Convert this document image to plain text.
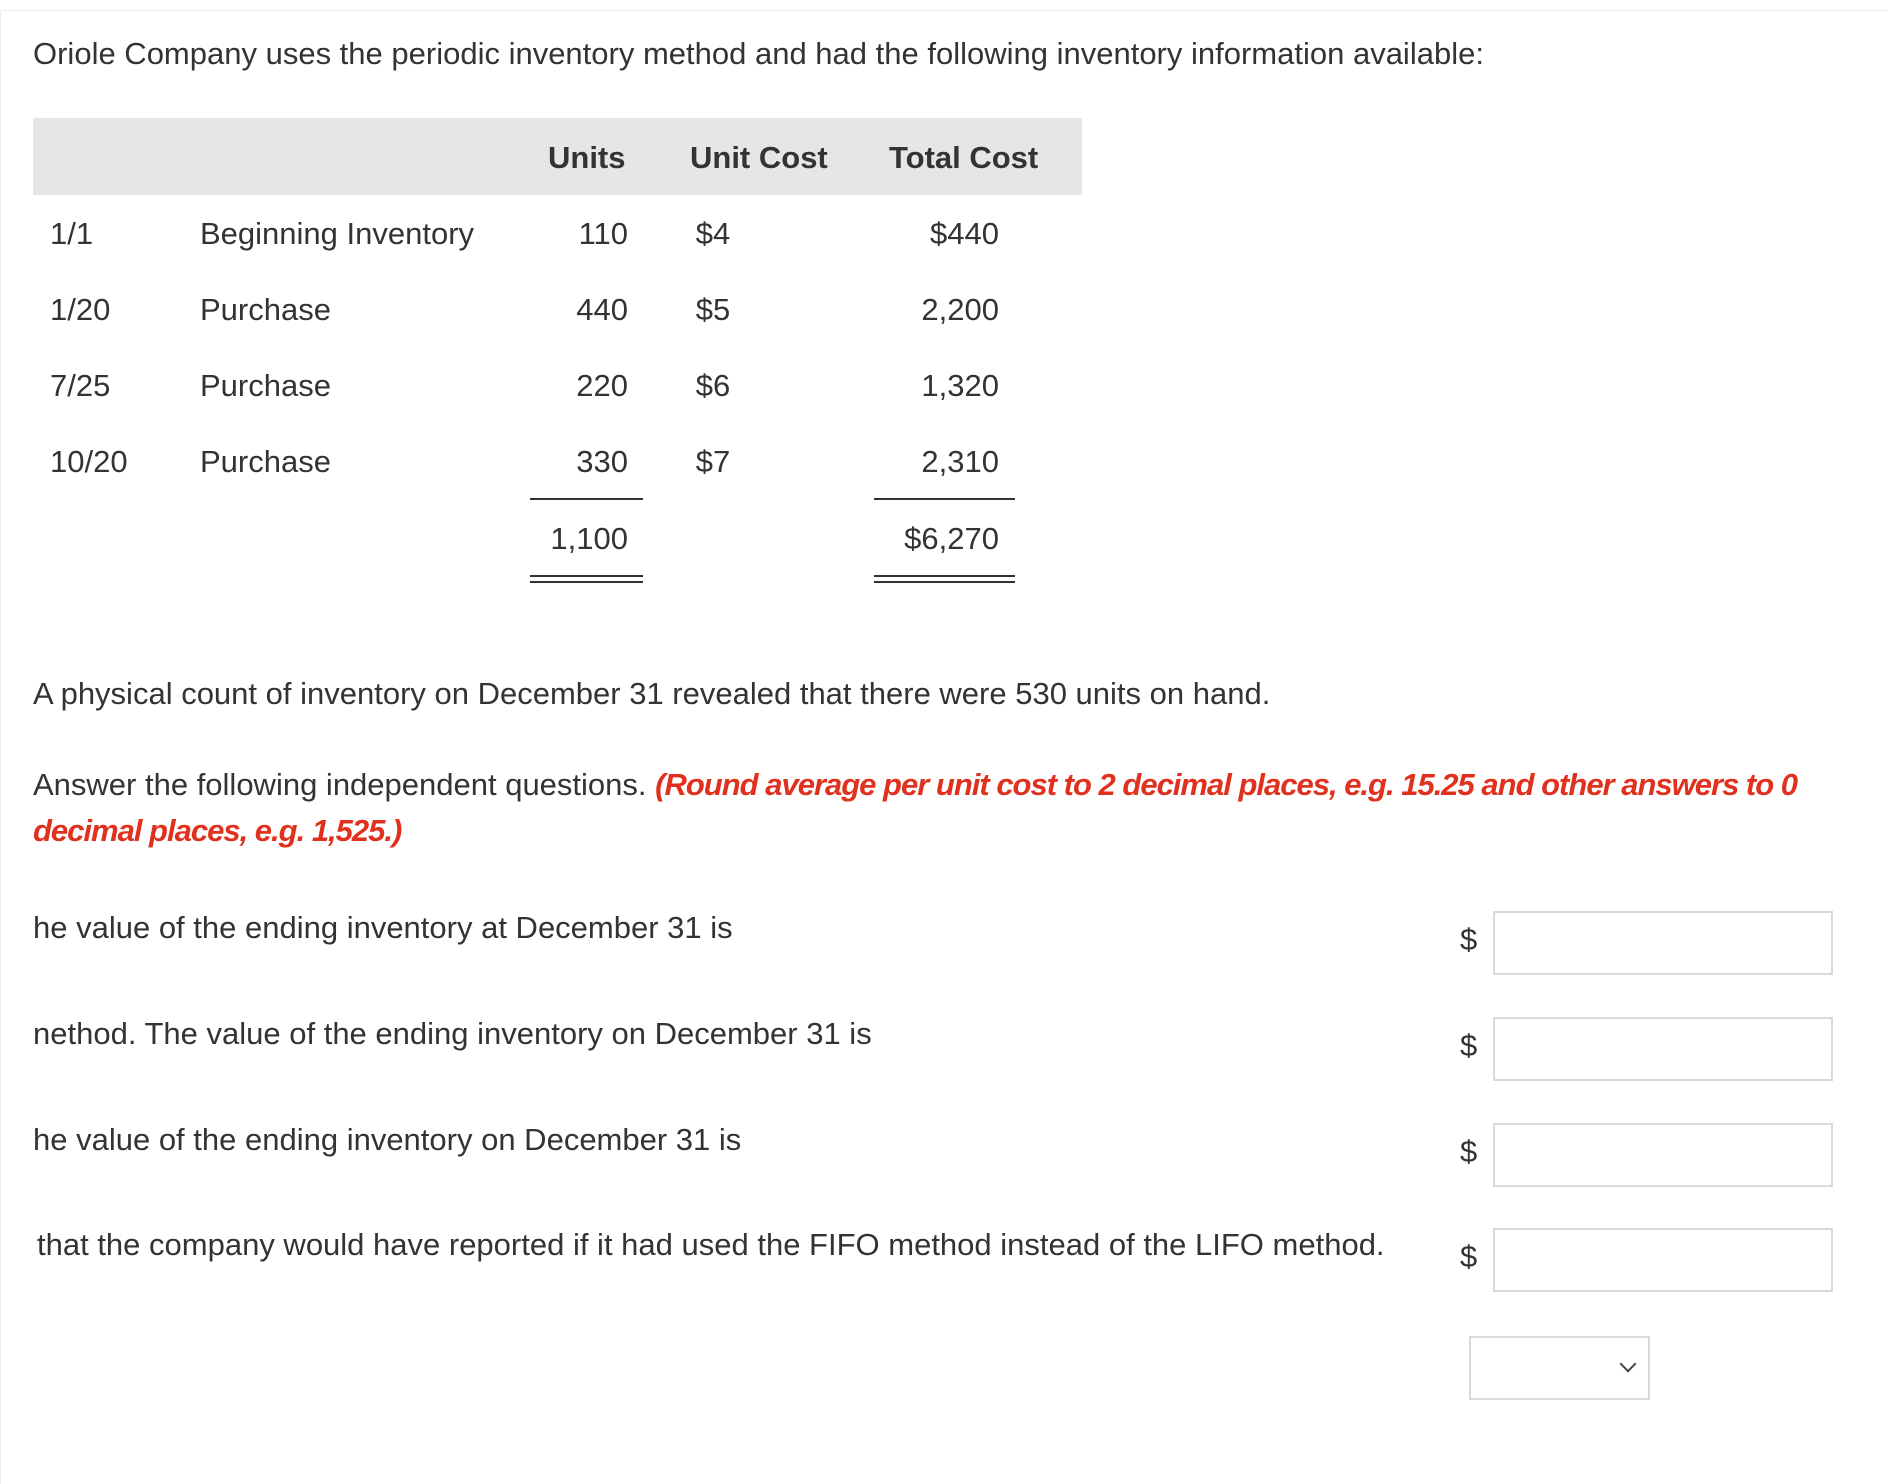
Oriole Company uses the periodic inventory method and had the following inventory information available:
Units Unit Cost Total Cost
1/1	Beginning Inventory	110	$4	$440
1/20	Purchase	440	$5	2,200
7/25	Purchase	220	$6	1,320
10/20 Purchase	330	$7	2,310
1,100	$6,270
A physical count of inventory on December 31 revealed that there were 530 units on hand.
Answer the following independent questions. (Round average per unit cost to 2 decimal places, e.g. 15.25 and other answers to 0 decimal places, e.g. 1,525.)
he value of the ending inventory at December 31 is	$
nethod. The value of the ending inventory on December 31 is	$
he value of the ending inventory on December 31 is	$
that the company would have reported if it had used the FIFO method instead of the LIFO method. $
